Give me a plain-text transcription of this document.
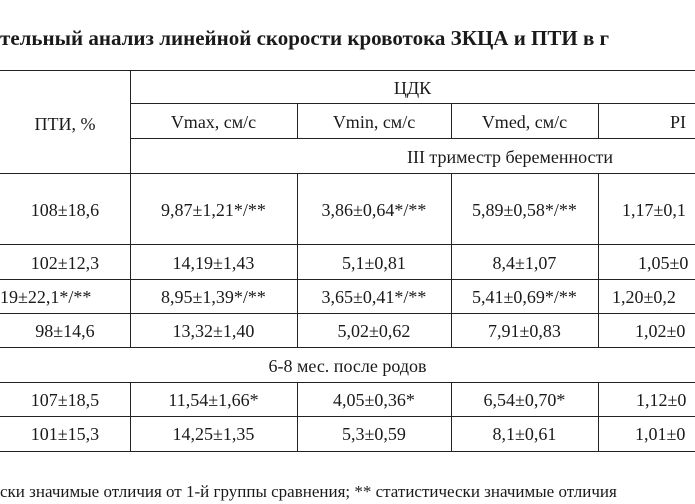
тельный анализ линейной скорости кровотока ЗКЦА и ПТИ в г
ПТИ, %
ЦДК
Vmax, см/с	Vmin, см/с	Vmed, см/с	PI
III триместр беременности
108±18,6	9,87±1,21*/**	3,86±0,64*/**	5,89±0,58*/**	1,17±0,1
102±12,3	14,19±1,43	5,1±0,81	8,4±1,07	1,05±0
19±22,1*/**	8,95±1,39*/**	3,65±0,41*/**	5,41±0,69*/**	1,20±0,2
98±14,6	13,32±1,40	5,02±0,62	7,91±0,83	1,02±0
6-8 мес. после родов
107±18,5	11,54±1,66*	4,05±0,36*	6,54±0,70*	1,12±0
101±15,3	14,25±1,35	5,3±0,59	8,1±0,61	1,01±0
ски значимые отличия от 1-й группы сравнения; ** статистически значимые отличия
